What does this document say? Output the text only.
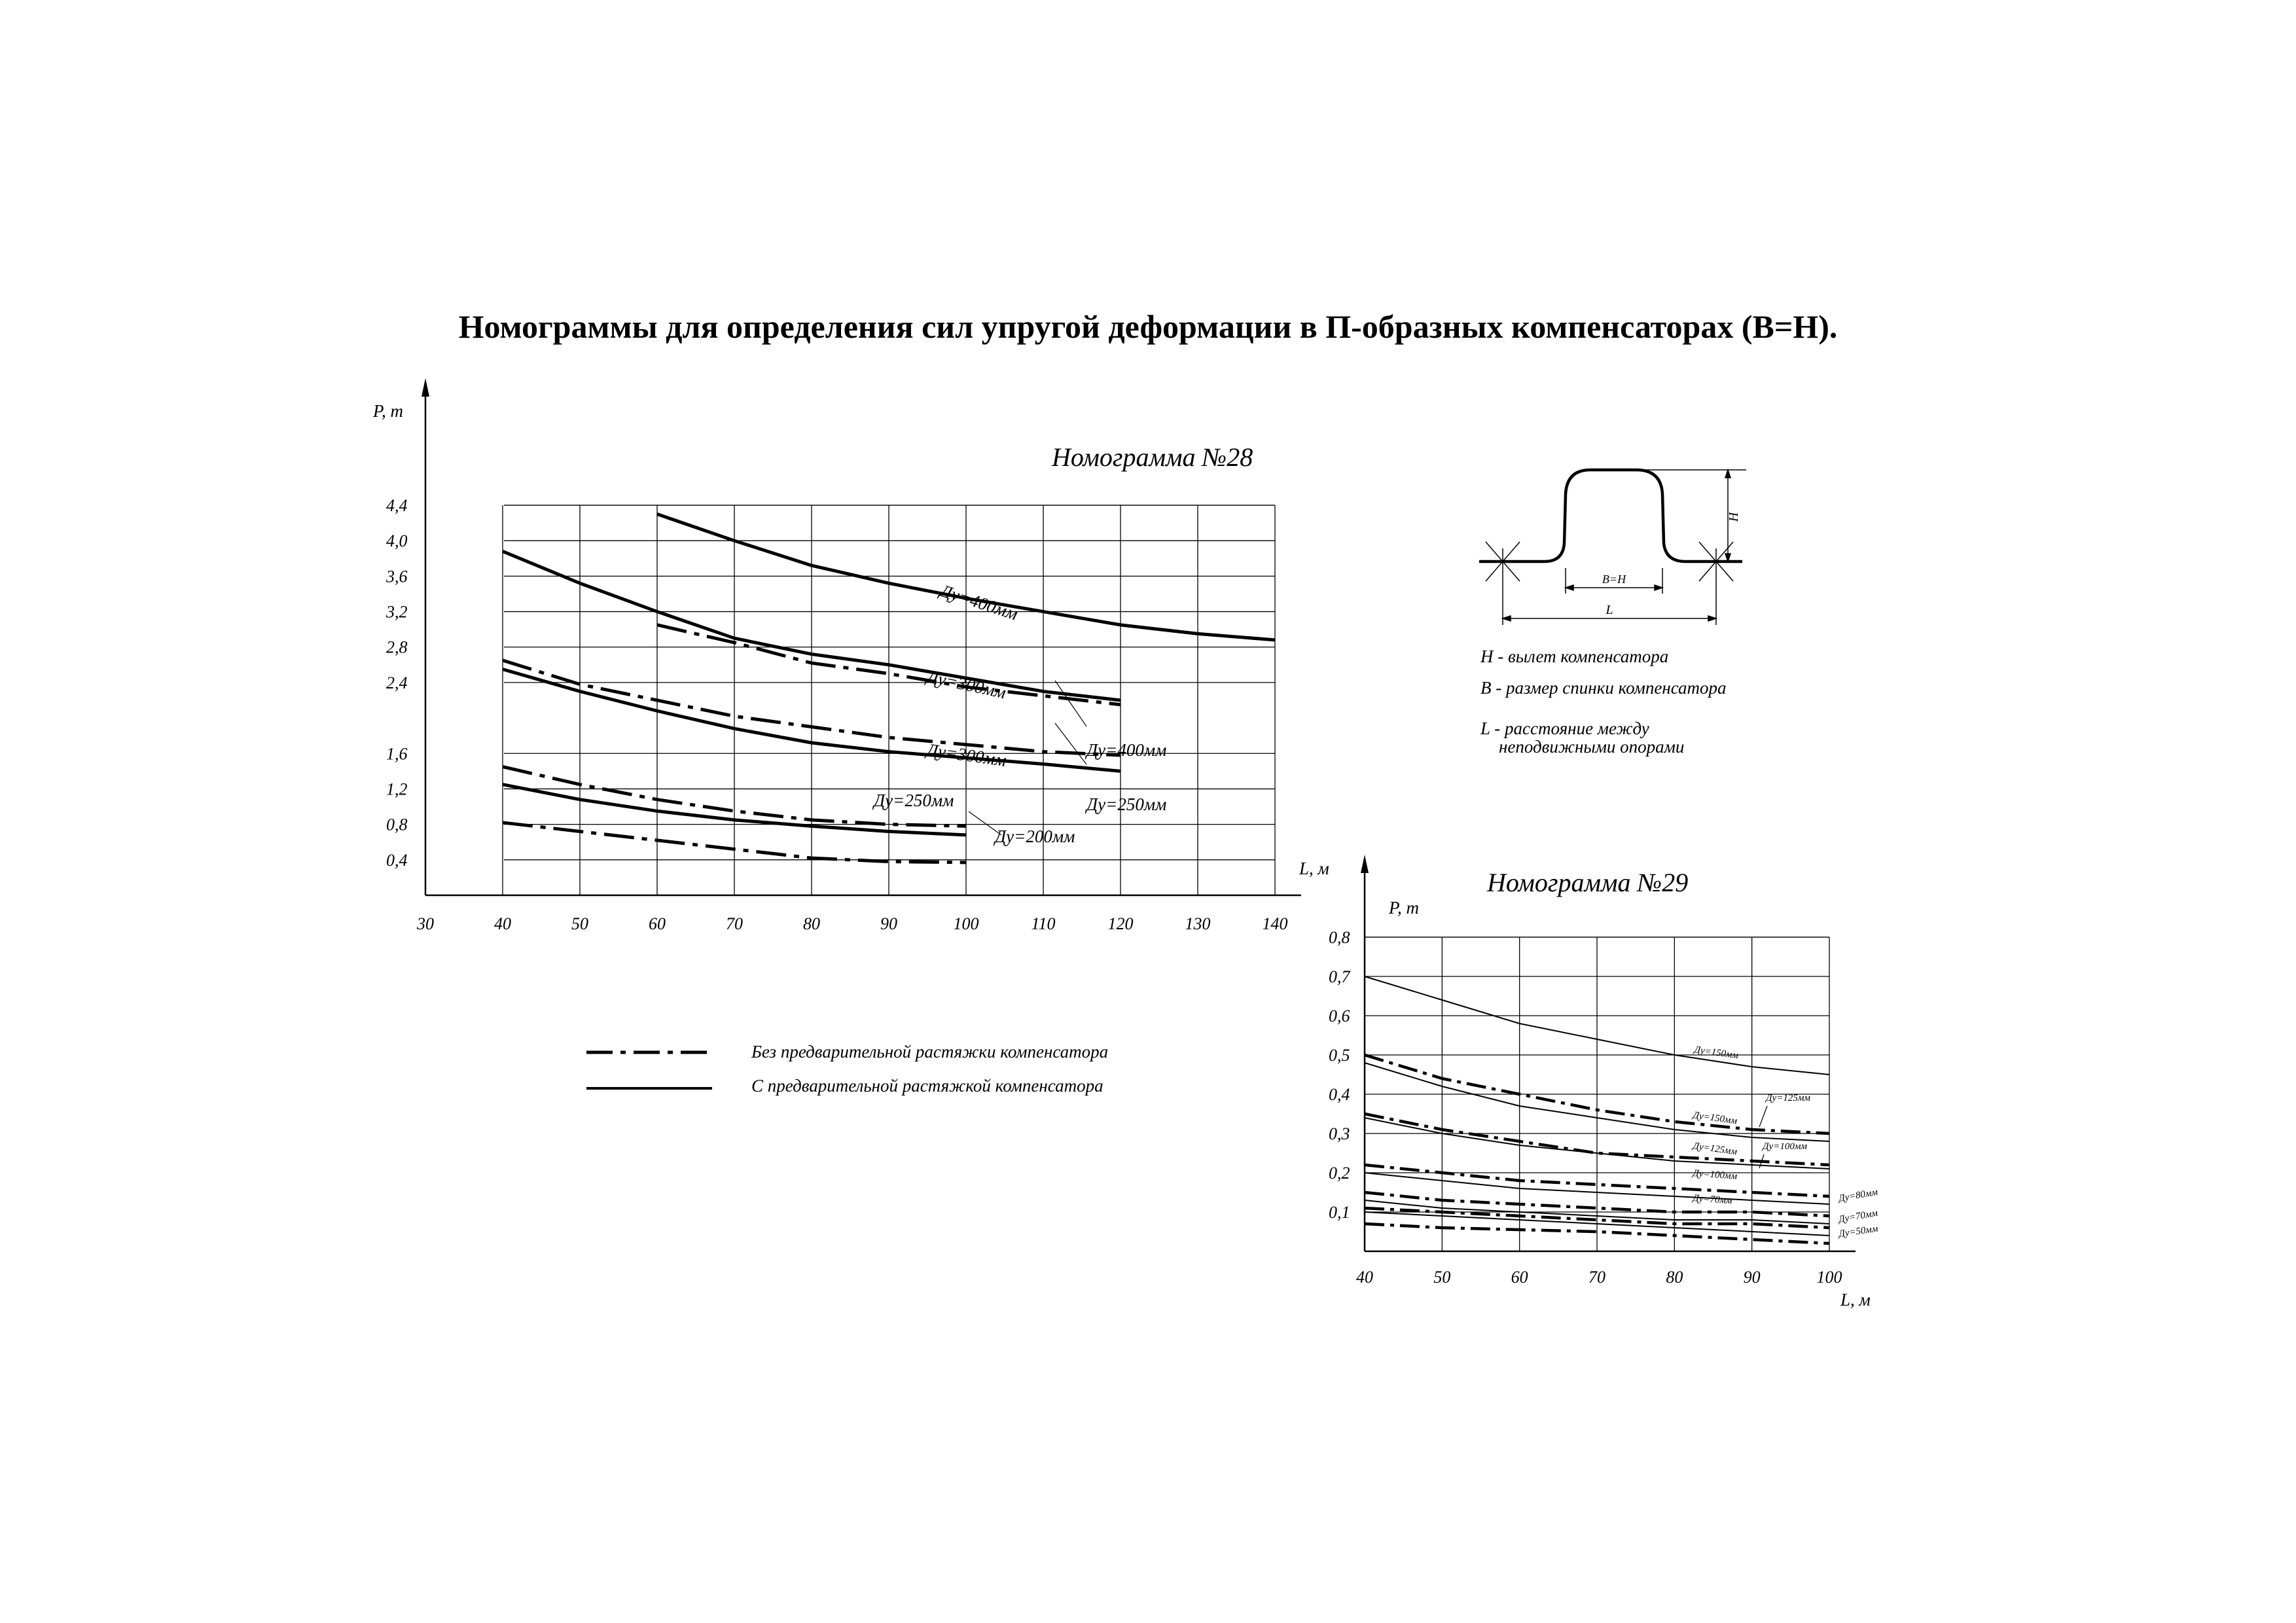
Номограммы для определения сил упругой деформации в П-образных компенсаторах (В=Н).
30	40	50	60	70	80	90	100	110	120	130	140
0,4
0,8
1,2
1,6
2,4
2,8
3,2
3,6
4,0
4,4
Ду=400мм
Ду=300мм
Ду=300мм
Ду=250мм
Ду=400мм
Ду=250мм
Ду=200мм
Номограмма №28
P, т
L, м
40	50	60	70	80	90	100
0,1
0,2
0,3
0,4
0,5
0,6
0,7
0,8
Ду=150мм
Ду=125мм
Ду=150мм
Ду=125мм	Ду=100мм
Ду=100мм
Ду=70мм	Ду=80мм
Ду=70мм
Ду=50мм
Номограмма №29
P, т
L, м
B=H
L
H
Н - вылет компенсатора
В - размер спинки компенсатора
L - расстояние между
неподвижными опорами
Без предварительной растяжки компенсатора
С предварительной растяжкой компенсатора
